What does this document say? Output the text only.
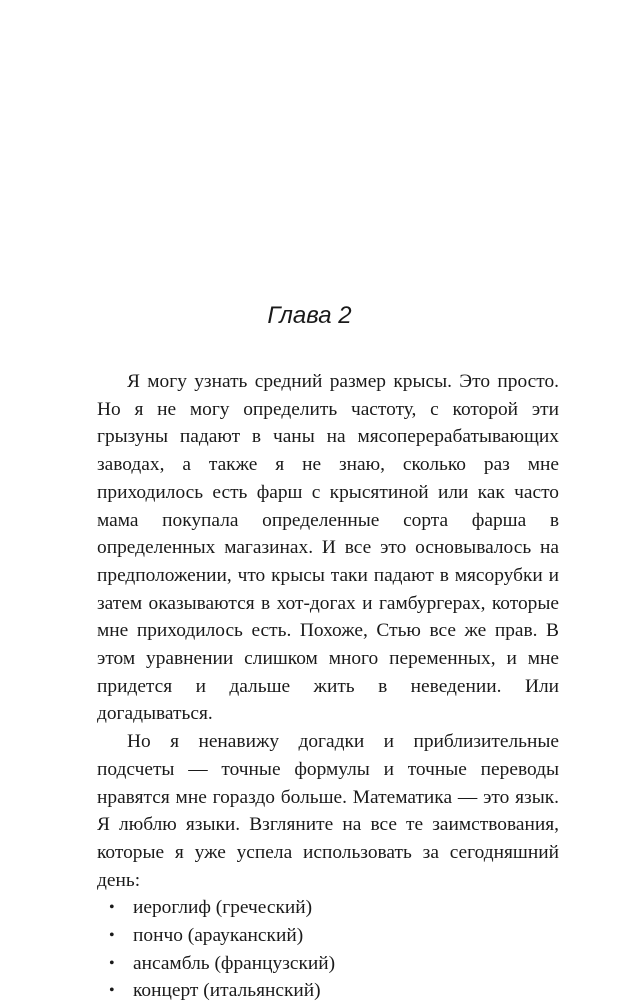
Глава 2

Я могу узнать средний размер крысы. Это просто. Но я не могу определить частоту, с которой эти грызуны падают в чаны на мясоперерабатывающих заводах, а также я не знаю, сколько раз мне приходилось есть фарш с крысятиной или как часто мама покупала определенные сорта фарша в определенных магазинах. И все это основывалось на предположении, что крысы таки падают в мясорубки и затем оказываются в хот-догах и гамбургерах, которые мне приходилось есть. Похоже, Стью все же прав. В этом уравнении слишком много переменных, и мне придется и дальше жить в неведении. Или догадываться.

Но я ненавижу догадки и приблизительные подсчеты — точные формулы и точные переводы нравятся мне гораздо больше. Математика — это язык. Я люблю языки. Взгляните на все те заимствования, которые я уже успела использовать за сегодняшний день:

• иероглиф (греческий)
• пончо (арауканский)
• ансамбль (французский)
• концерт (итальянский)
